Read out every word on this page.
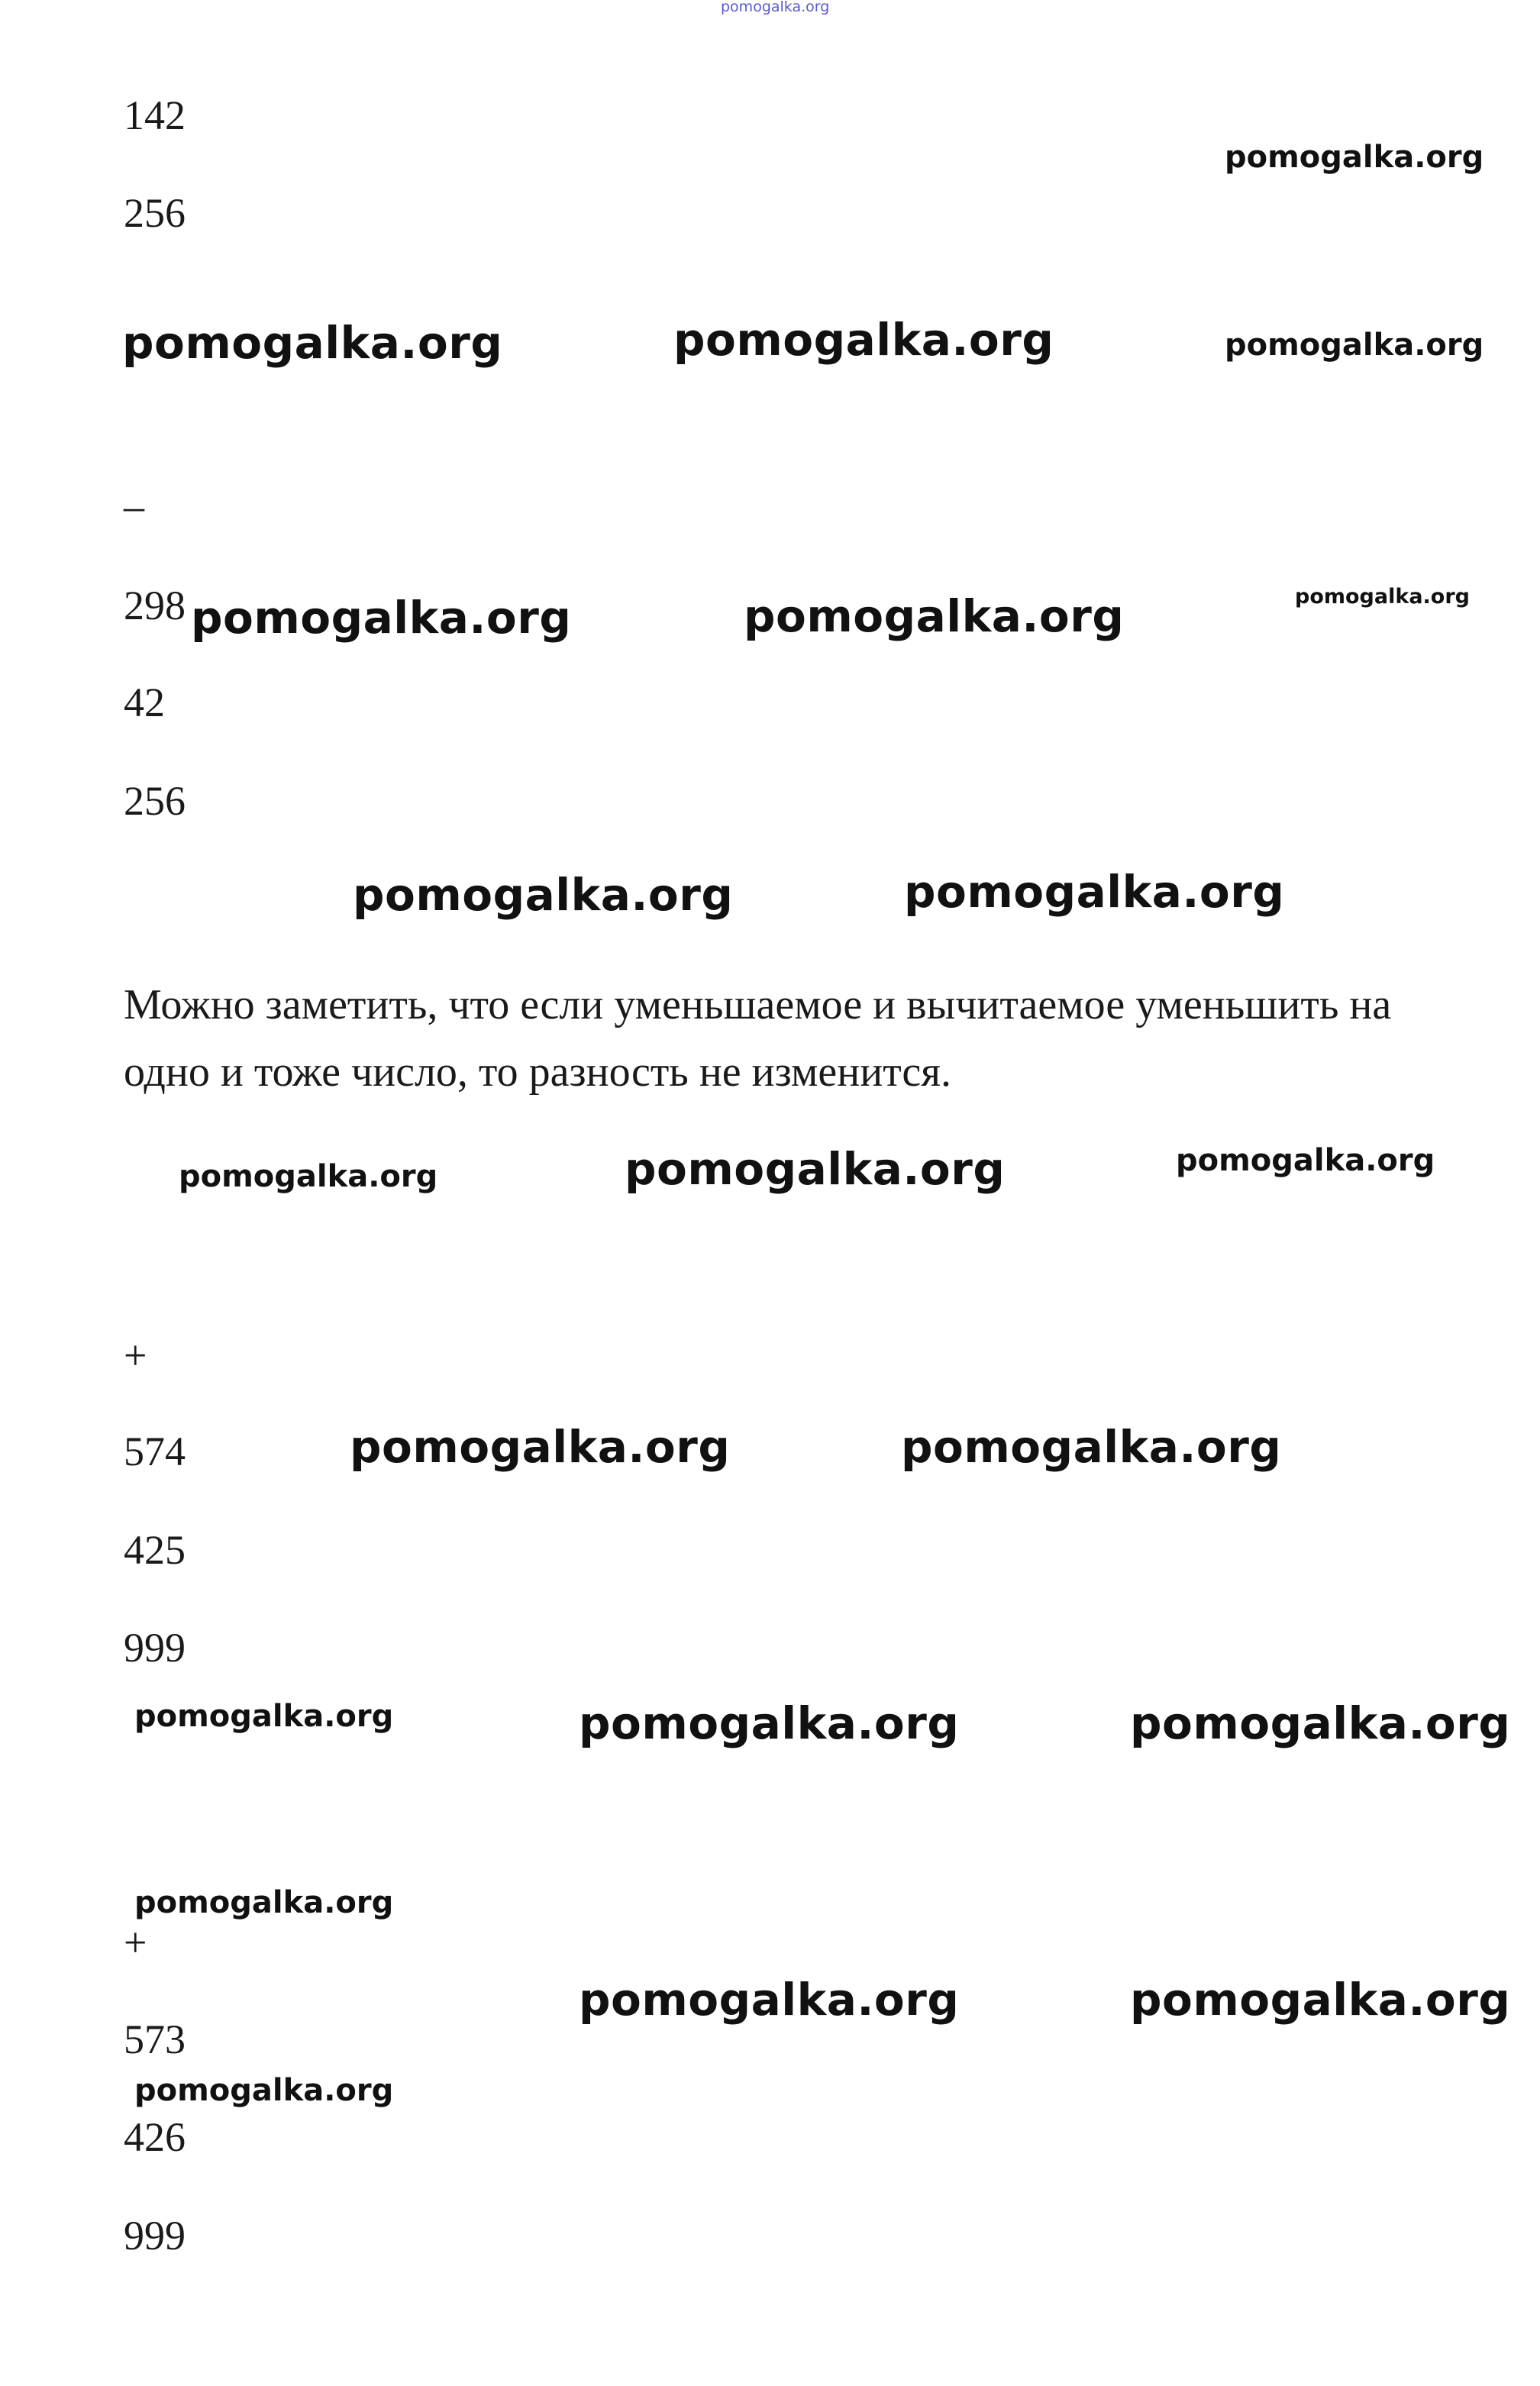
pomogalka.org
142
256
–
298
42
256

Можно заметить, что если уменьшаемое и вычитаемое уменьшить на одно и тоже число, то разность не изменится.

+
574
425
999
+
573
426
999
pomogalka.org
pomogalka.org	pomogalka.org	pomogalka.org
pomogalka.org	pomogalka.org	pomogalka.org
pomogalka.org	pomogalka.org
pomogalka.org	pomogalka.org	pomogalka.org
pomogalka.org	pomogalka.org
pomogalka.org	pomogalka.org	pomogalka.org
pomogalka.org
pomogalka.org	pomogalka.org
pomogalka.org
